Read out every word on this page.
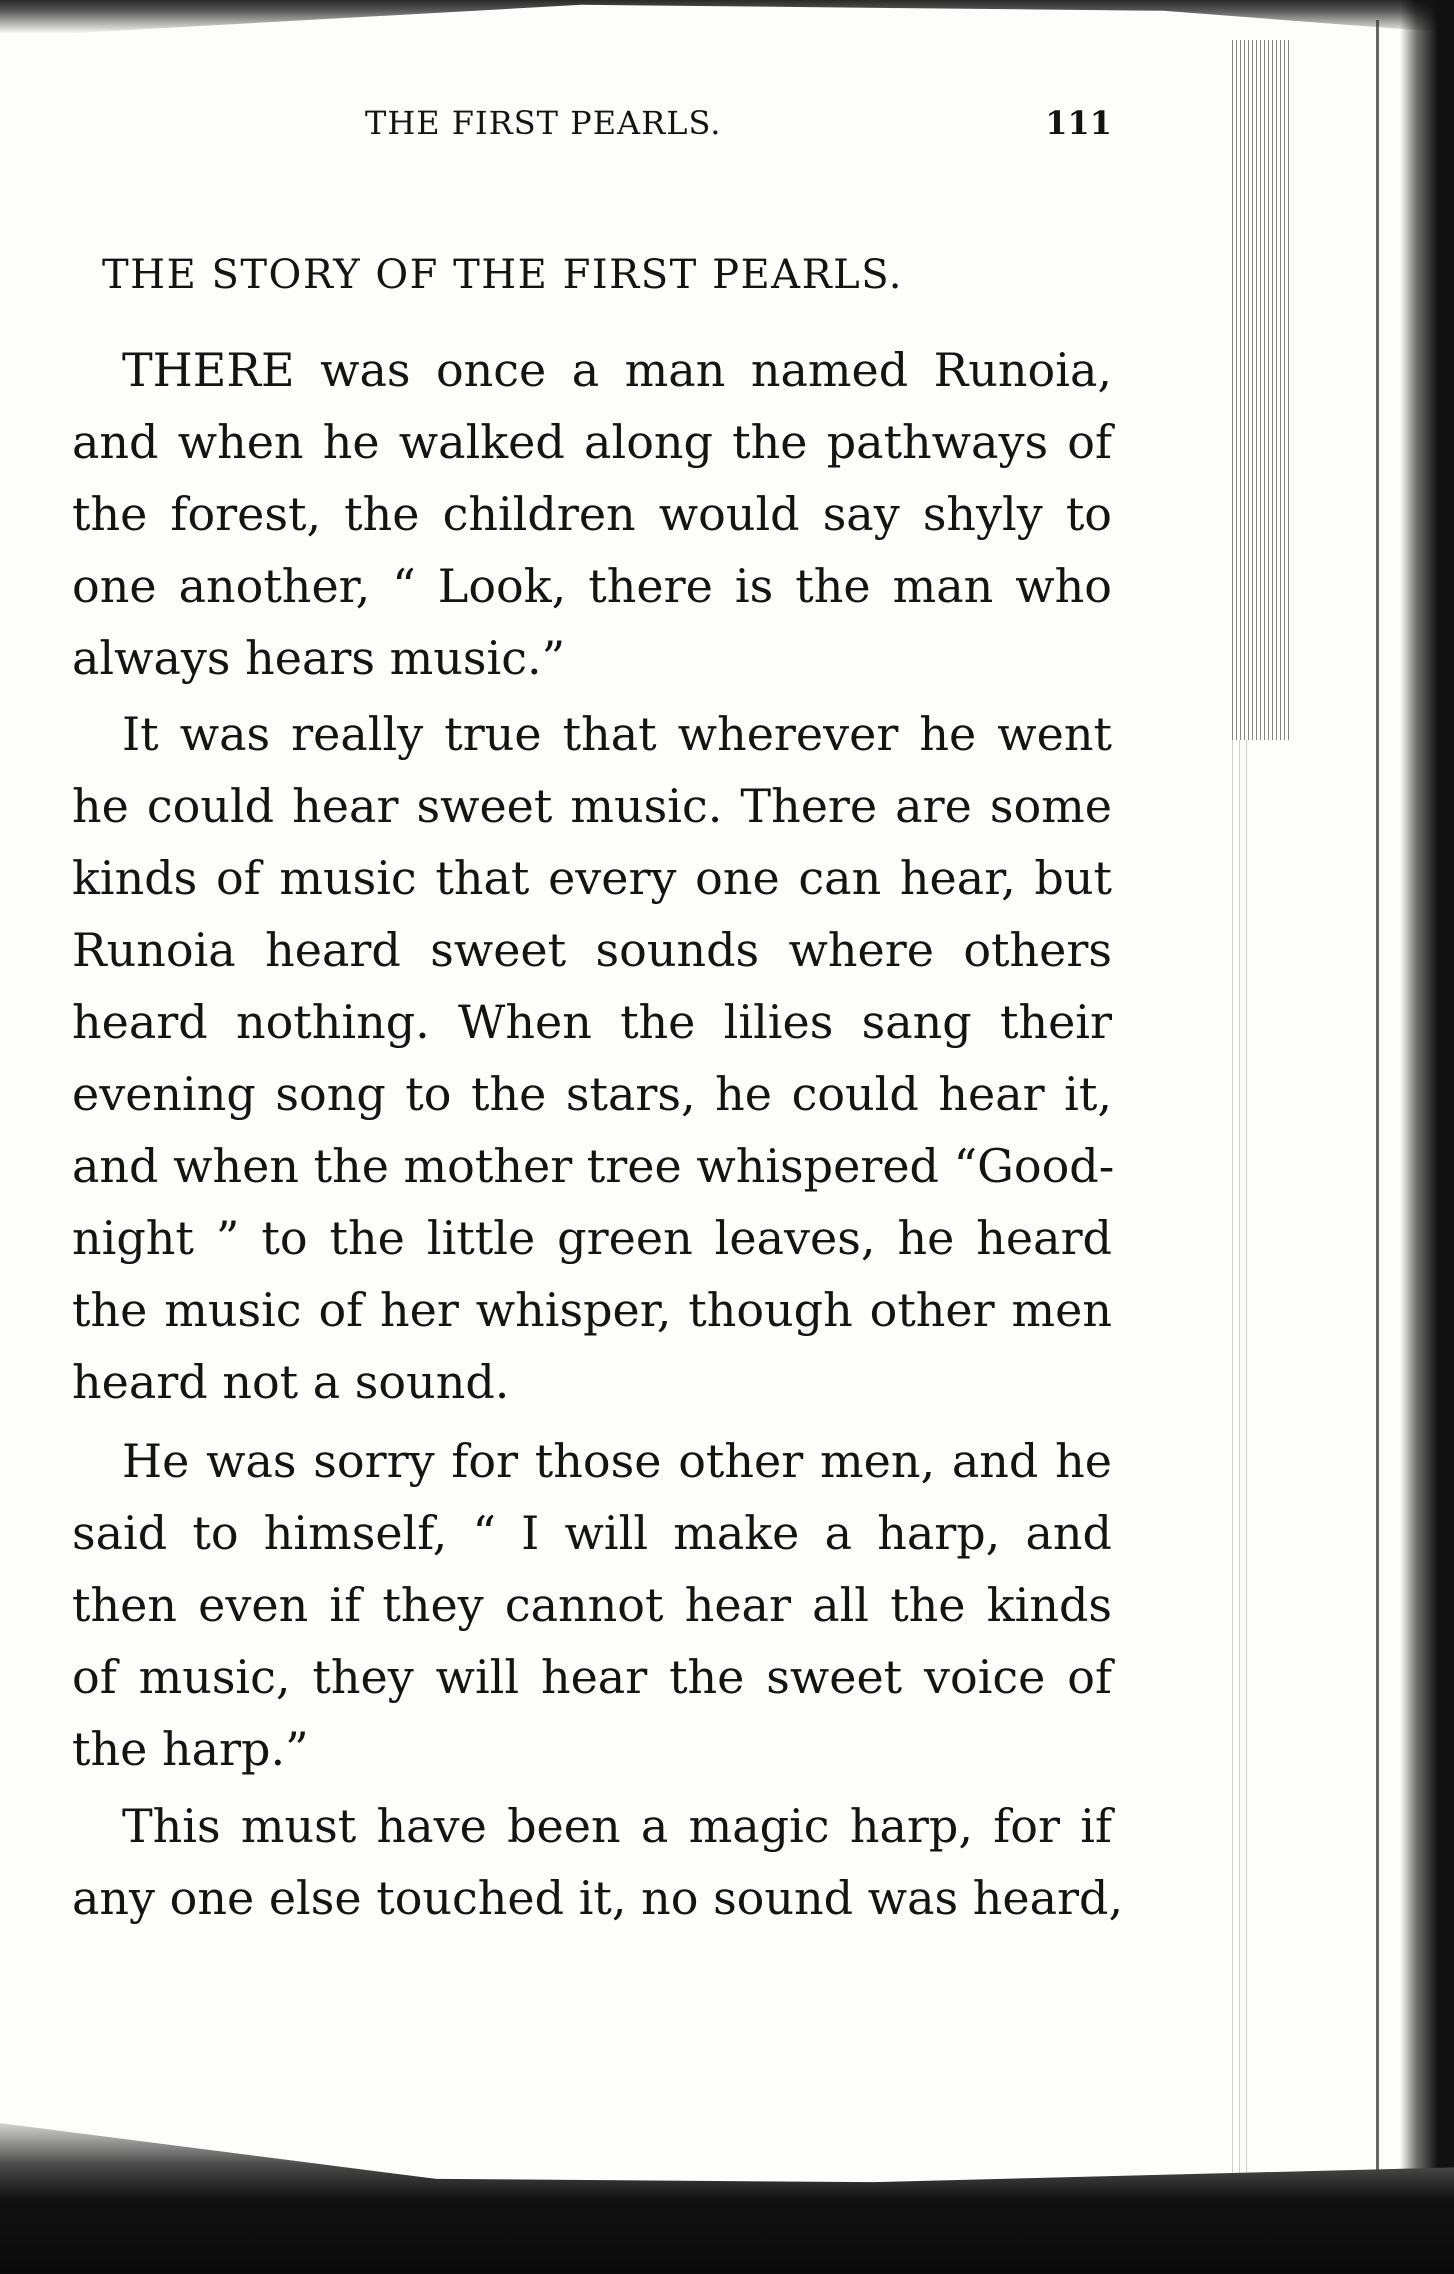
THE FIRST PEARLS.	111
THE STORY OF THE FIRST PEARLS.
THERE was once a man named Runoia,
and when he walked along the pathways of
the forest, the children would say shyly to
one another, “ Look, there is the man who
always hears music.”
It was really true that wherever he went
he could hear sweet music. There are some
kinds of music that every one can hear, but
Runoia heard sweet sounds where others
heard nothing. When the lilies sang their
evening song to the stars, he could hear it,
and when the mother tree whispered “Good-
night ” to the little green leaves, he heard
the music of her whisper, though other men
heard not a sound.
He was sorry for those other men, and he
said to himself, “ I will make a harp, and
then even if they cannot hear all the kinds
of music, they will hear the sweet voice of
the harp.”
This must have been a magic harp, for if
any one else touched it, no sound was heard,
